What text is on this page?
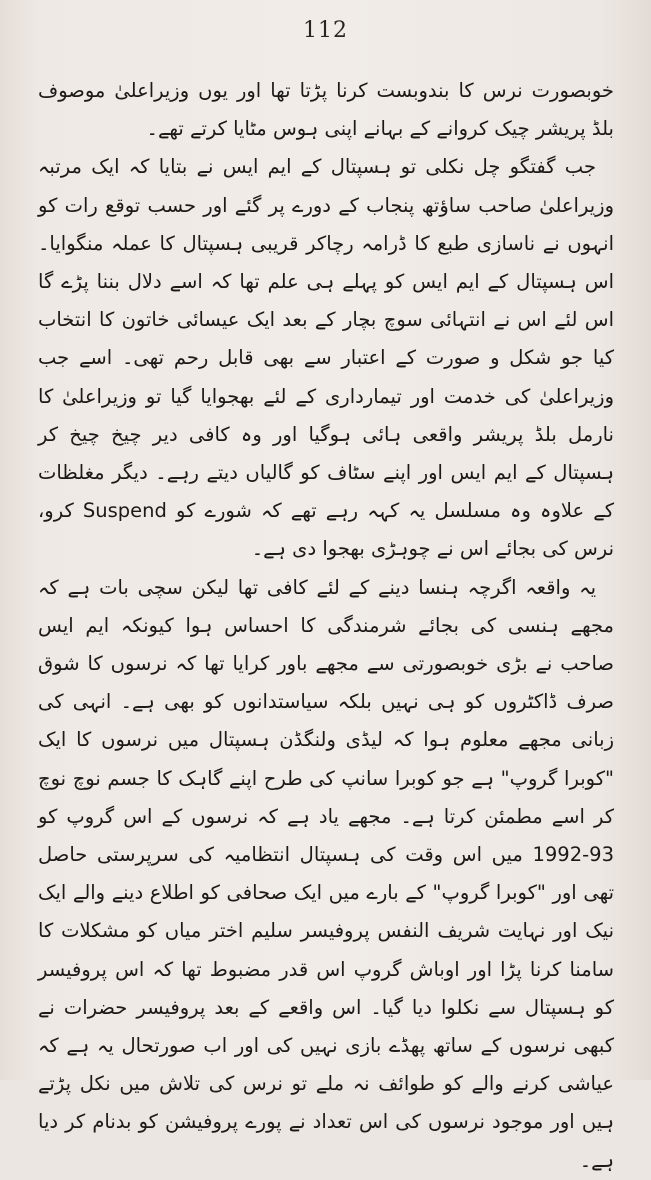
112

خوبصورت نرس کا بندوبست کرنا پڑتا تھا اور یوں وزیراعلیٰ موصوف بلڈ پریشر چیک کروانے کے بہانے اپنی ہوس مٹایا کرتے تھے۔

جب گفتگو چل نکلی تو ہسپتال کے ایم ایس نے بتایا کہ ایک مرتبہ وزیراعلیٰ صاحب ساؤتھ پنجاب کے دورے پر گئے اور حسب توقع رات کو انہوں نے ناسازی طبع کا ڈرامہ رچاکر قریبی ہسپتال کا عملہ منگوایا۔ اس ہسپتال کے ایم ایس کو پہلے ہی علم تھا کہ اسے دلال بننا پڑے گا اس لئے اس نے انتہائی سوچ بچار کے بعد ایک عیسائی خاتون کا انتخاب کیا جو شکل و صورت کے اعتبار سے بھی قابل رحم تھی۔ اسے جب وزیراعلیٰ کی خدمت اور تیمارداری کے لئے بھجوایا گیا تو وزیراعلیٰ کا نارمل بلڈ پریشر واقعی ہائی ہوگیا اور وہ کافی دیر چیخ چیخ کر ہسپتال کے ایم ایس اور اپنے سٹاف کو گالیاں دیتے رہے۔ دیگر مغلظات کے علاوہ وہ مسلسل یہ کہہ رہے تھے کہ شورے کو Suspend کرو، نرس کی بجائے اس نے چوہڑی بھجوا دی ہے۔

یہ واقعہ اگرچہ ہنسا دینے کے لئے کافی تھا لیکن سچی بات ہے کہ مجھے ہنسی کی بجائے شرمندگی کا احساس ہوا کیونکہ ایم ایس صاحب نے بڑی خوبصورتی سے مجھے باور کرایا تھا کہ نرسوں کا شوق صرف ڈاکٹروں کو ہی نہیں بلکہ سیاستدانوں کو بھی ہے۔ انہی کی زبانی مجھے معلوم ہوا کہ لیڈی ولنگڈن ہسپتال میں نرسوں کا ایک "کوبرا گروپ" ہے جو کوبرا سانپ کی طرح اپنے گاہک کا جسم نوچ نوچ کر اسے مطمئن کرتا ہے۔ مجھے یاد ہے کہ نرسوں کے اس گروپ کو 93-1992 میں اس وقت کی ہسپتال انتظامیہ کی سرپرستی حاصل تھی اور "کوبرا گروپ" کے بارے میں ایک صحافی کو اطلاع دینے والے ایک نیک اور نہایت شریف النفس پروفیسر سلیم اختر میاں کو مشکلات کا سامنا کرنا پڑا اور اوباش گروپ اس قدر مضبوط تھا کہ اس پروفیسر کو ہسپتال سے نکلوا دیا گیا۔ اس واقعے کے بعد پروفیسر حضرات نے کبھی نرسوں کے ساتھ پھڈے بازی نہیں کی اور اب صورتحال یہ ہے کہ عیاشی کرنے والے کو طوائف نہ ملے تو نرس کی تلاش میں نکل پڑتے ہیں اور موجود نرسوں کی اس تعداد نے پورے پروفیشن کو بدنام کر دیا ہے۔
